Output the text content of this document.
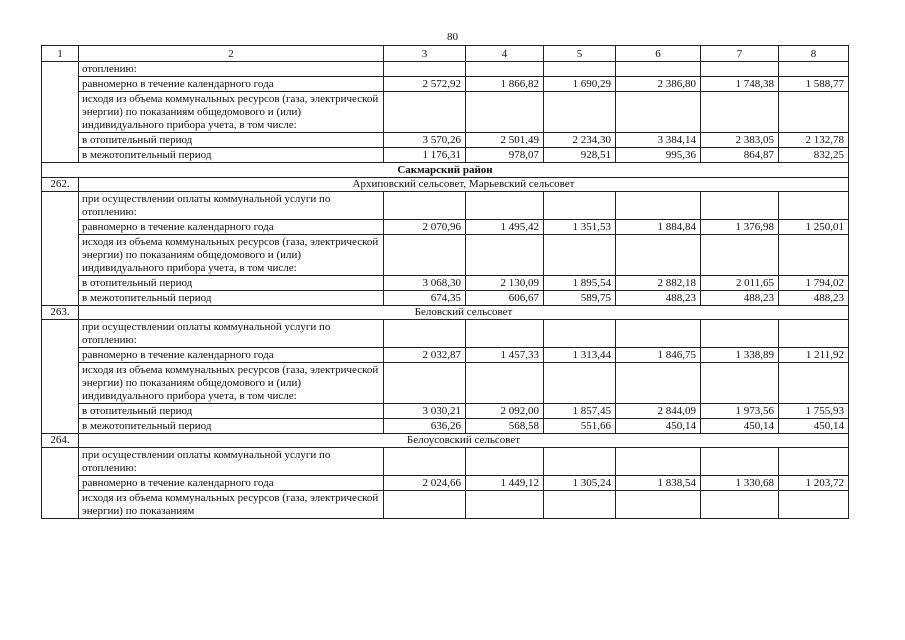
80
1	2	3	4	5	6	7	8
	отоплению:						
	равномерно в течение календарного года	2 572,92	1 866,82	1 690,29	2 386,80	1 748,38	1 588,77
	исходя из объема коммунальных ресурсов (газа, электрической энергии) по показаниям общедомового и (или) индивидуального прибора учета, в том числе:						
	в отопительный период	3 570,26	2 501,49	2 234,30	3 384,14	2 383,05	2 132,78
	в межотопительный период	1 176,31	978,07	928,51	995,36	864,87	832,25
Сакмарский район							
262.	Архиповский сельсовет, Марьевский сельсовет						
	при осуществлении оплаты коммунальной услуги по отоплению:						
	равномерно в течение календарного года	2 070,96	1 495,42	1 351,53	1 884,84	1 376,98	1 250,01
	исходя из объема коммунальных ресурсов (газа, электрической энергии) по показаниям общедомового и (или) индивидуального прибора учета, в том числе:						
	в отопительный период	3 068,30	2 130,09	1 895,54	2 882,18	2 011,65	1 794,02
	в межотопительный период	674,35	606,67	589,75	488,23	488,23	488,23
263.	Беловский сельсовет						
	при осуществлении оплаты коммунальной услуги по отоплению:						
	равномерно в течение календарного года	2 032,87	1 457,33	1 313,44	1 846,75	1 338,89	1 211,92
	исходя из объема коммунальных ресурсов (газа, электрической энергии) по показаниям общедомового и (или) индивидуального прибора учета, в том числе:						
	в отопительный период	3 030,21	2 092,00	1 857,45	2 844,09	1 973,56	1 755,93
	в межотопительный период	636,26	568,58	551,66	450,14	450,14	450,14
264.	Белоусовский сельсовет						
	при осуществлении оплаты коммунальной услуги по отоплению:						
	равномерно в течение календарного года	2 024,66	1 449,12	1 305,24	1 838,54	1 330,68	1 203,72
	исходя из объема коммунальных ресурсов (газа, электрической энергии) по показаниям						
